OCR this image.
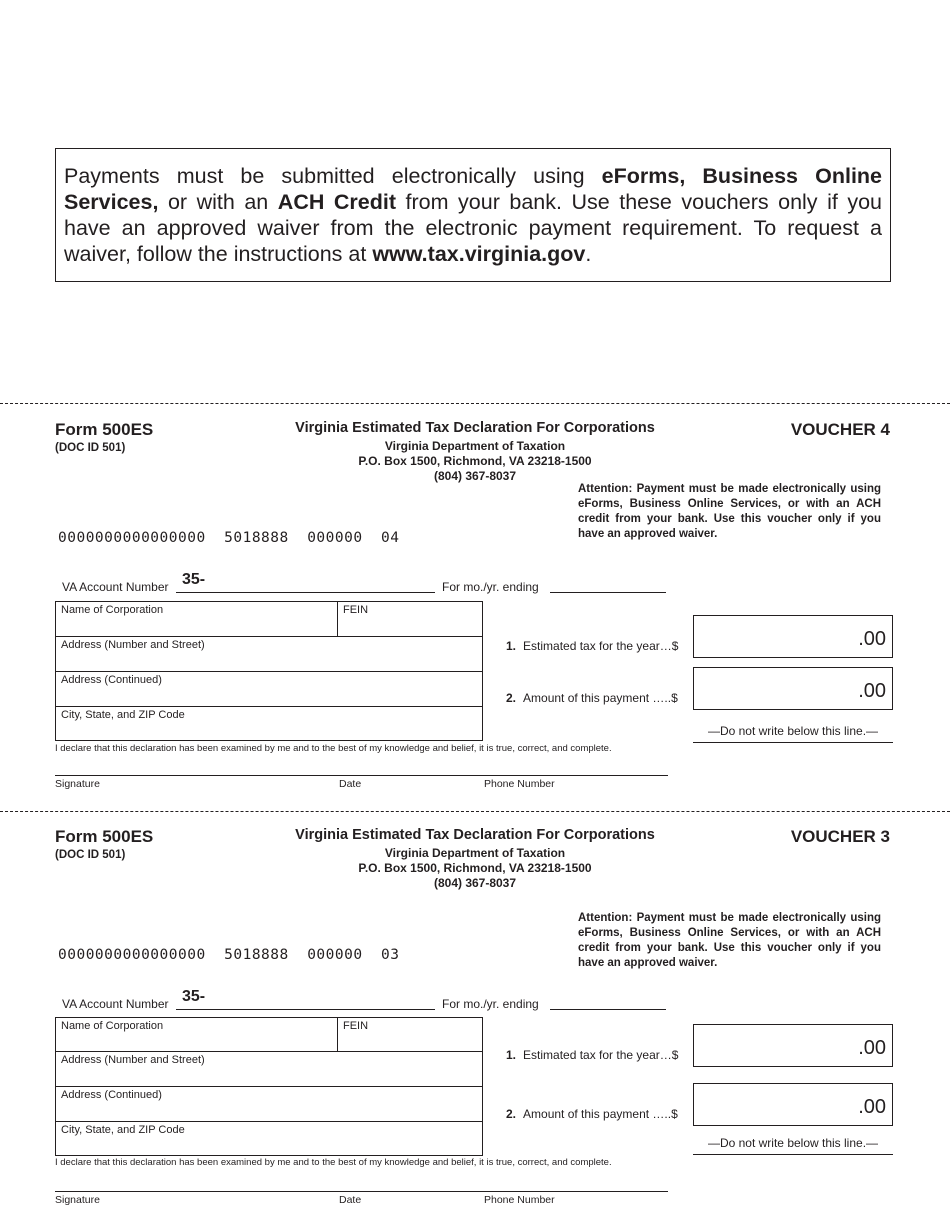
Payments must be submitted electronically using eForms, Business Online Services, or with an ACH Credit from your bank. Use these vouchers only if you have an approved waiver from the electronic payment requirement. To request a waiver, follow the instructions at www.tax.virginia.gov.
Form 500ES
(DOC ID 501)
Virginia Estimated Tax Declaration For Corporations
Virginia Department of Taxation
P.O. Box 1500, Richmond, VA 23218-1500
(804) 367-8037
VOUCHER 4
Attention: Payment must be made electronically using eForms, Business Online Services, or with an ACH credit from your bank. Use this voucher only if you have an approved waiver.
0000000000000000  5018888  000000  04
VA Account Number 35-	For mo./yr. ending
Name of Corporation	FEIN
Address (Number and Street)
Address (Continued)
City, State, and ZIP Code
1. Estimated tax for the year…$	.00
2. Amount of this payment …..$	.00
—Do not write below this line.—
I declare that this declaration has been examined by me and to the best of my knowledge and belief, it is true, correct, and complete.
Signature	Date	Phone Number
Form 500ES
(DOC ID 501)
Virginia Estimated Tax Declaration For Corporations
Virginia Department of Taxation
P.O. Box 1500, Richmond, VA 23218-1500
(804) 367-8037
VOUCHER 3
Attention: Payment must be made electronically using eForms, Business Online Services, or with an ACH credit from your bank. Use this voucher only if you have an approved waiver.
0000000000000000  5018888  000000  03
VA Account Number 35-	For mo./yr. ending
Name of Corporation	FEIN
Address (Number and Street)
Address (Continued)
City, State, and ZIP Code
1. Estimated tax for the year…$	.00
2. Amount of this payment …..$	.00
—Do not write below this line.—
I declare that this declaration has been examined by me and to the best of my knowledge and belief, it is true, correct, and complete.
Signature	Date	Phone Number
